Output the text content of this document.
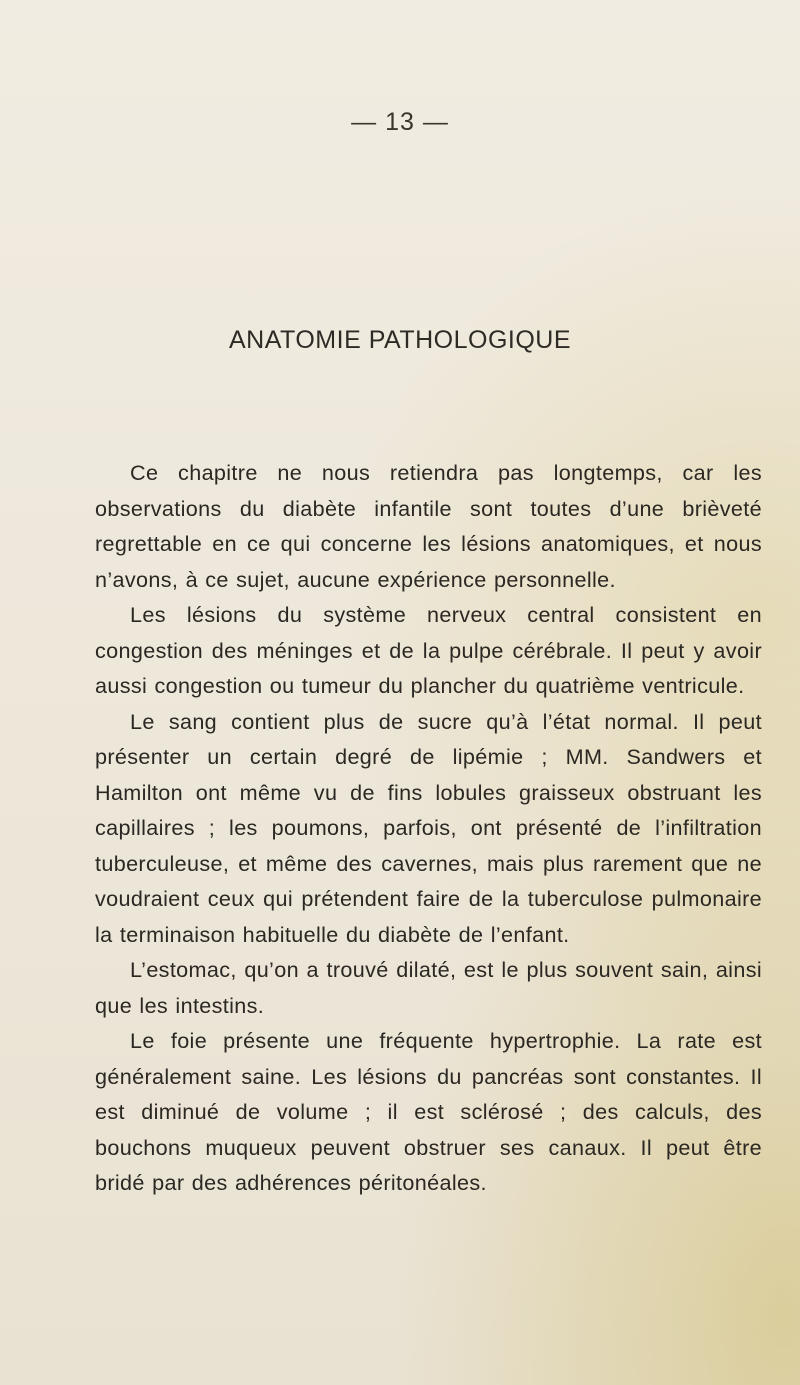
— 13 —
ANATOMIE PATHOLOGIQUE

Ce chapitre ne nous retiendra pas longtemps, car les observations du diabète infantile sont toutes d’une brièveté regrettable en ce qui concerne les lésions anatomiques, et nous n’avons, à ce sujet, aucune expérience personnelle.

Les lésions du système nerveux central consistent en congestion des méninges et de la pulpe cérébrale. Il peut y avoir aussi congestion ou tumeur du plancher du quatrième ventricule.

Le sang contient plus de sucre qu’à l’état normal. Il peut présenter un certain degré de lipémie ; MM. Sandwers et Hamilton ont même vu de fins lobules graisseux obstruant les capillaires ; les poumons, parfois, ont présenté de l’infiltration tuberculeuse, et même des cavernes, mais plus rarement que ne voudraient ceux qui prétendent faire de la tuberculose pulmonaire la terminaison habituelle du diabète de l’enfant.

L’estomac, qu’on a trouvé dilaté, est le plus souvent sain, ainsi que les intestins.

Le foie présente une fréquente hypertrophie. La rate est généralement saine. Les lésions du pancréas sont constantes. Il est diminué de volume ; il est sclérosé ; des calculs, des bouchons muqueux peuvent obstruer ses canaux. Il peut être bridé par des adhérences péritonéales.
